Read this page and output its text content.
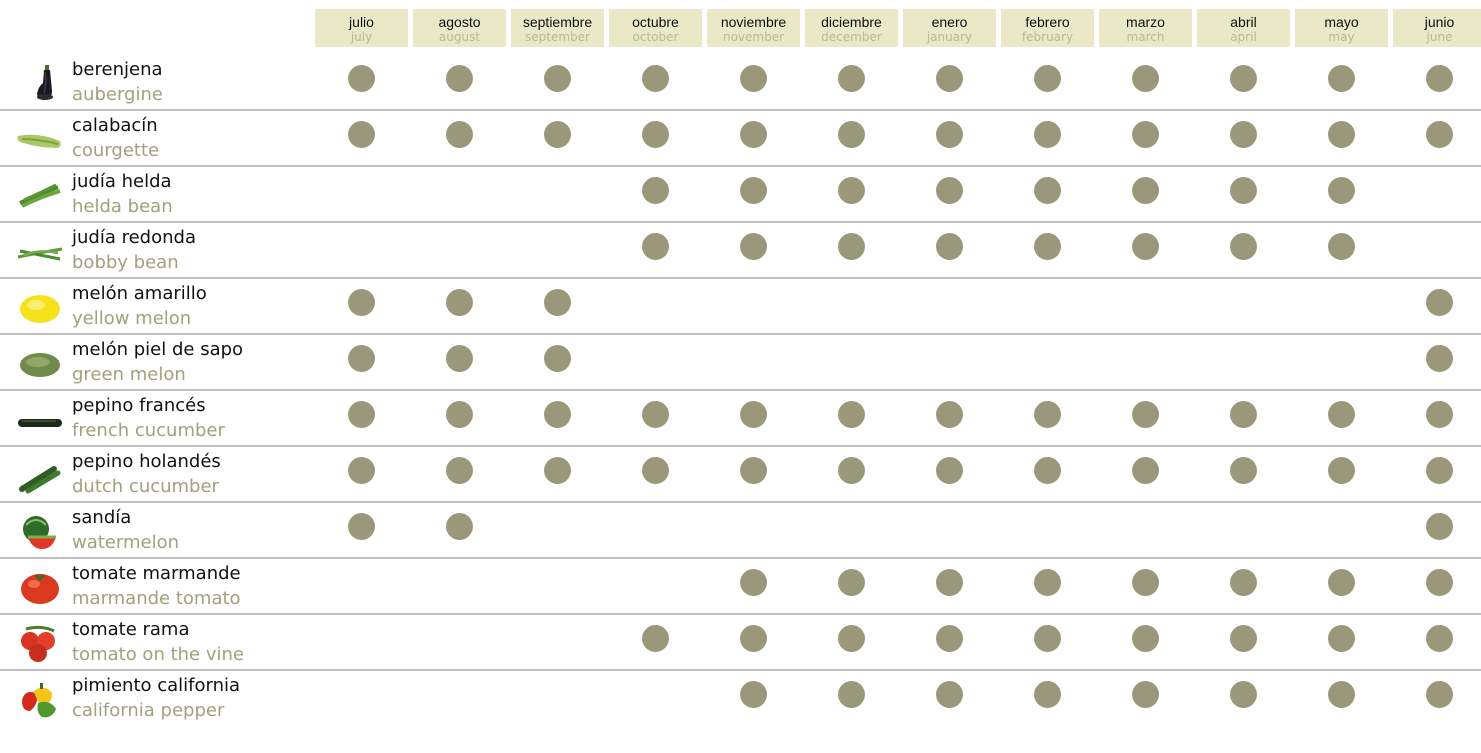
julio
july
agosto
august
septiembre
september
octubre
october
noviembre
november
diciembre
december
enero
january
febrero
february
marzo
march
abril
april
mayo
may
junio
june
berenjena
aubergine
calabacín
courgette
judía helda
helda bean
judía redonda
bobby bean
melón amarillo
yellow melon
melón piel de sapo
green melon
pepino francés
french cucumber
pepino holandés
dutch cucumber
sandía
watermelon
tomate marmande
marmande tomato
tomate rama
tomato on the vine
pimiento california
california pepper
